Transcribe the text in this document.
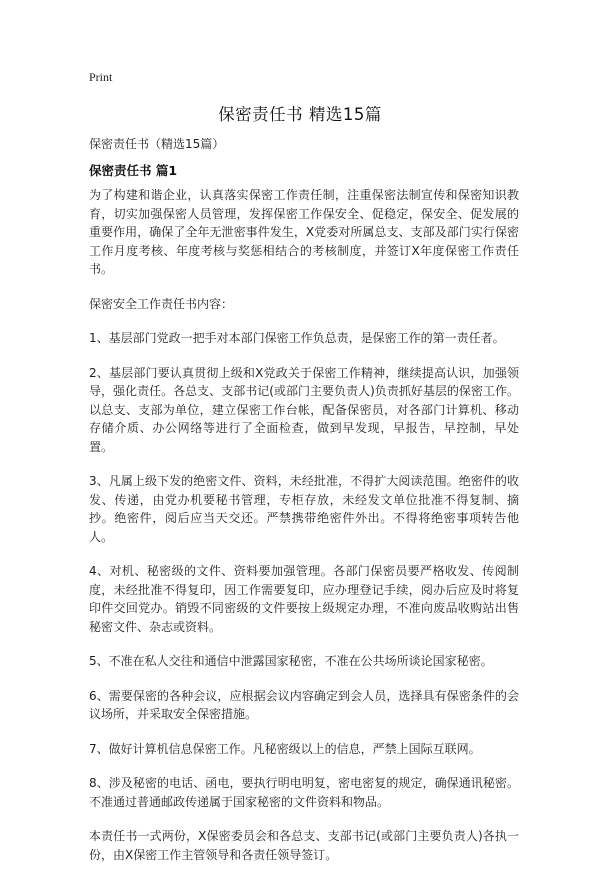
Print
保密责任书 精选15篇
保密责任书（精选15篇）
保密责任书 篇1

为了构建和谐企业，认真落实保密工作责任制，注重保密法制宣传和保密知识教育，切实加强保密人员管理，发挥保密工作保安全、促稳定，保安全、促发展的重要作用，确保了全年无泄密事件发生，X党委对所属总支、支部及部门实行保密工作月度考核、年度考核与奖惩相结合的考核制度，并签订X年度保密工作责任书。

保密安全工作责任书内容：

1、基层部门党政一把手对本部门保密工作负总责，是保密工作的第一责任者。

2、基层部门要认真贯彻上级和X党政关于保密工作精神，继续提高认识，加强领导，强化责任。各总支、支部书记(或部门主要负责人)负责抓好基层的保密工作。以总支、支部为单位，建立保密工作台帐，配备保密员，对各部门计算机、移动存储介质、办公网络等进行了全面检查，做到早发现，早报告，早控制，早处置。

3、凡属上级下发的绝密文件、资料，未经批准，不得扩大阅读范围。绝密件的收发、传递，由党办机要秘书管理，专柜存放，未经发文单位批准不得复制、摘抄。绝密件，阅后应当天交还。严禁携带绝密件外出。不得将绝密事项转告他人。

4、对机、秘密级的文件、资料要加强管理。各部门保密员要严格收发、传阅制度，未经批准不得复印，因工作需要复印，应办理登记手续，阅办后应及时将复印件交回党办。销毁不同密级的文件要按上级规定办理，不准向废品收购站出售秘密文件、杂志或资料。

5、不准在私人交往和通信中泄露国家秘密，不准在公共场所谈论国家秘密。

6、需要保密的各种会议，应根据会议内容确定到会人员，选择具有保密条件的会议场所，并采取安全保密措施。

7、做好计算机信息保密工作。凡秘密级以上的信息，严禁上国际互联网。

8、涉及秘密的电话、函电，要执行明电明复，密电密复的规定，确保通讯秘密。不准通过普通邮政传递属于国家秘密的文件资料和物品。

本责任书一式两份，X保密委员会和各总支、支部书记(或部门主要负责人)各执一份，由X保密工作主管领导和各责任领导签订。
